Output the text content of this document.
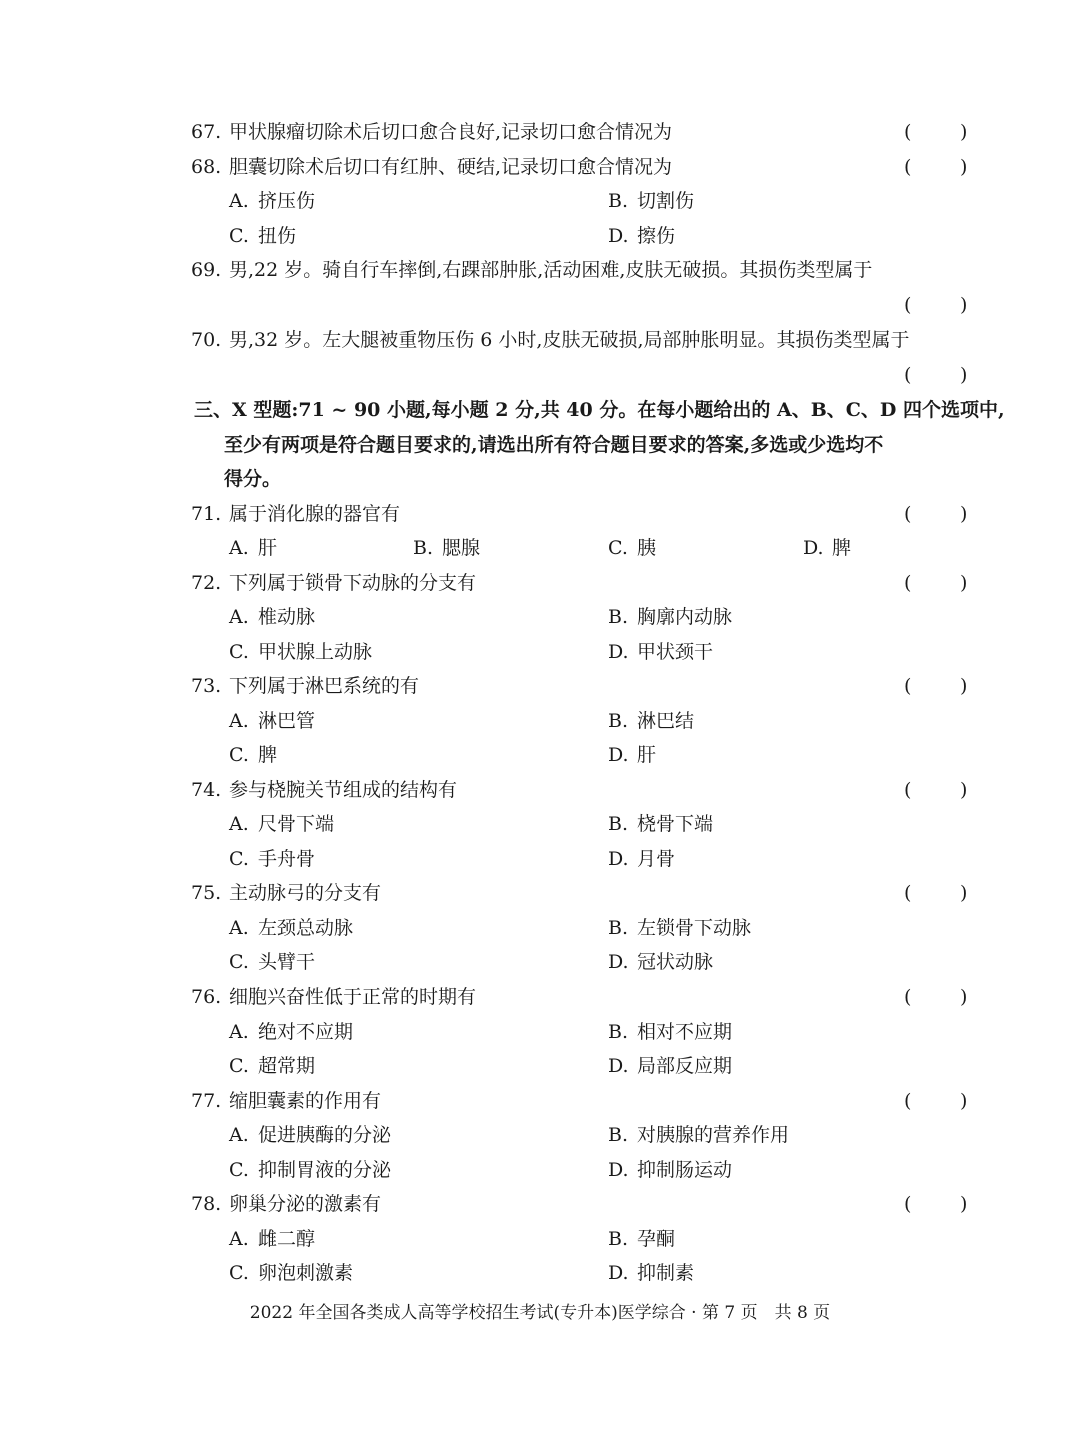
67. 甲状腺瘤切除术后切口愈合良好,记录切口愈合情况为	(	)
68. 胆囊切除术后切口有红肿、硬结,记录切口愈合情况为	(	)
A. 挤压伤	B. 切割伤
C. 扭伤	D. 擦伤
69. 男,22 岁。骑自行车摔倒,右踝部肿胀,活动困难,皮肤无破损。其损伤类型属于
(	)
70. 男,32 岁。左大腿被重物压伤 6 小时,皮肤无破损,局部肿胀明显。其损伤类型属于
(	)
三、X 型题:71 ~ 90 小题,每小题 2 分,共 40 分。在每小题给出的 A、B、C、D 四个选项中,
至少有两项是符合题目要求的,请选出所有符合题目要求的答案,多选或少选均不
得分。
71. 属于消化腺的器官有	(	)
A. 肝	B. 腮腺	C. 胰	D. 脾
72. 下列属于锁骨下动脉的分支有	(	)
A. 椎动脉	B. 胸廓内动脉
C. 甲状腺上动脉	D. 甲状颈干
73. 下列属于淋巴系统的有	(	)
A. 淋巴管	B. 淋巴结
C. 脾	D. 肝
74. 参与桡腕关节组成的结构有	(	)
A. 尺骨下端	B. 桡骨下端
C. 手舟骨	D. 月骨
75. 主动脉弓的分支有	(	)
A. 左颈总动脉	B. 左锁骨下动脉
C. 头臂干	D. 冠状动脉
76. 细胞兴奋性低于正常的时期有	(	)
A. 绝对不应期	B. 相对不应期
C. 超常期	D. 局部反应期
77. 缩胆囊素的作用有	(	)
A. 促进胰酶的分泌	B. 对胰腺的营养作用
C. 抑制胃液的分泌	D. 抑制肠运动
78. 卵巢分泌的激素有	(	)
A. 雌二醇	B. 孕酮
C. 卵泡刺激素	D. 抑制素
2022 年全国各类成人高等学校招生考试(专升本)医学综合 · 第 7 页　共 8 页
